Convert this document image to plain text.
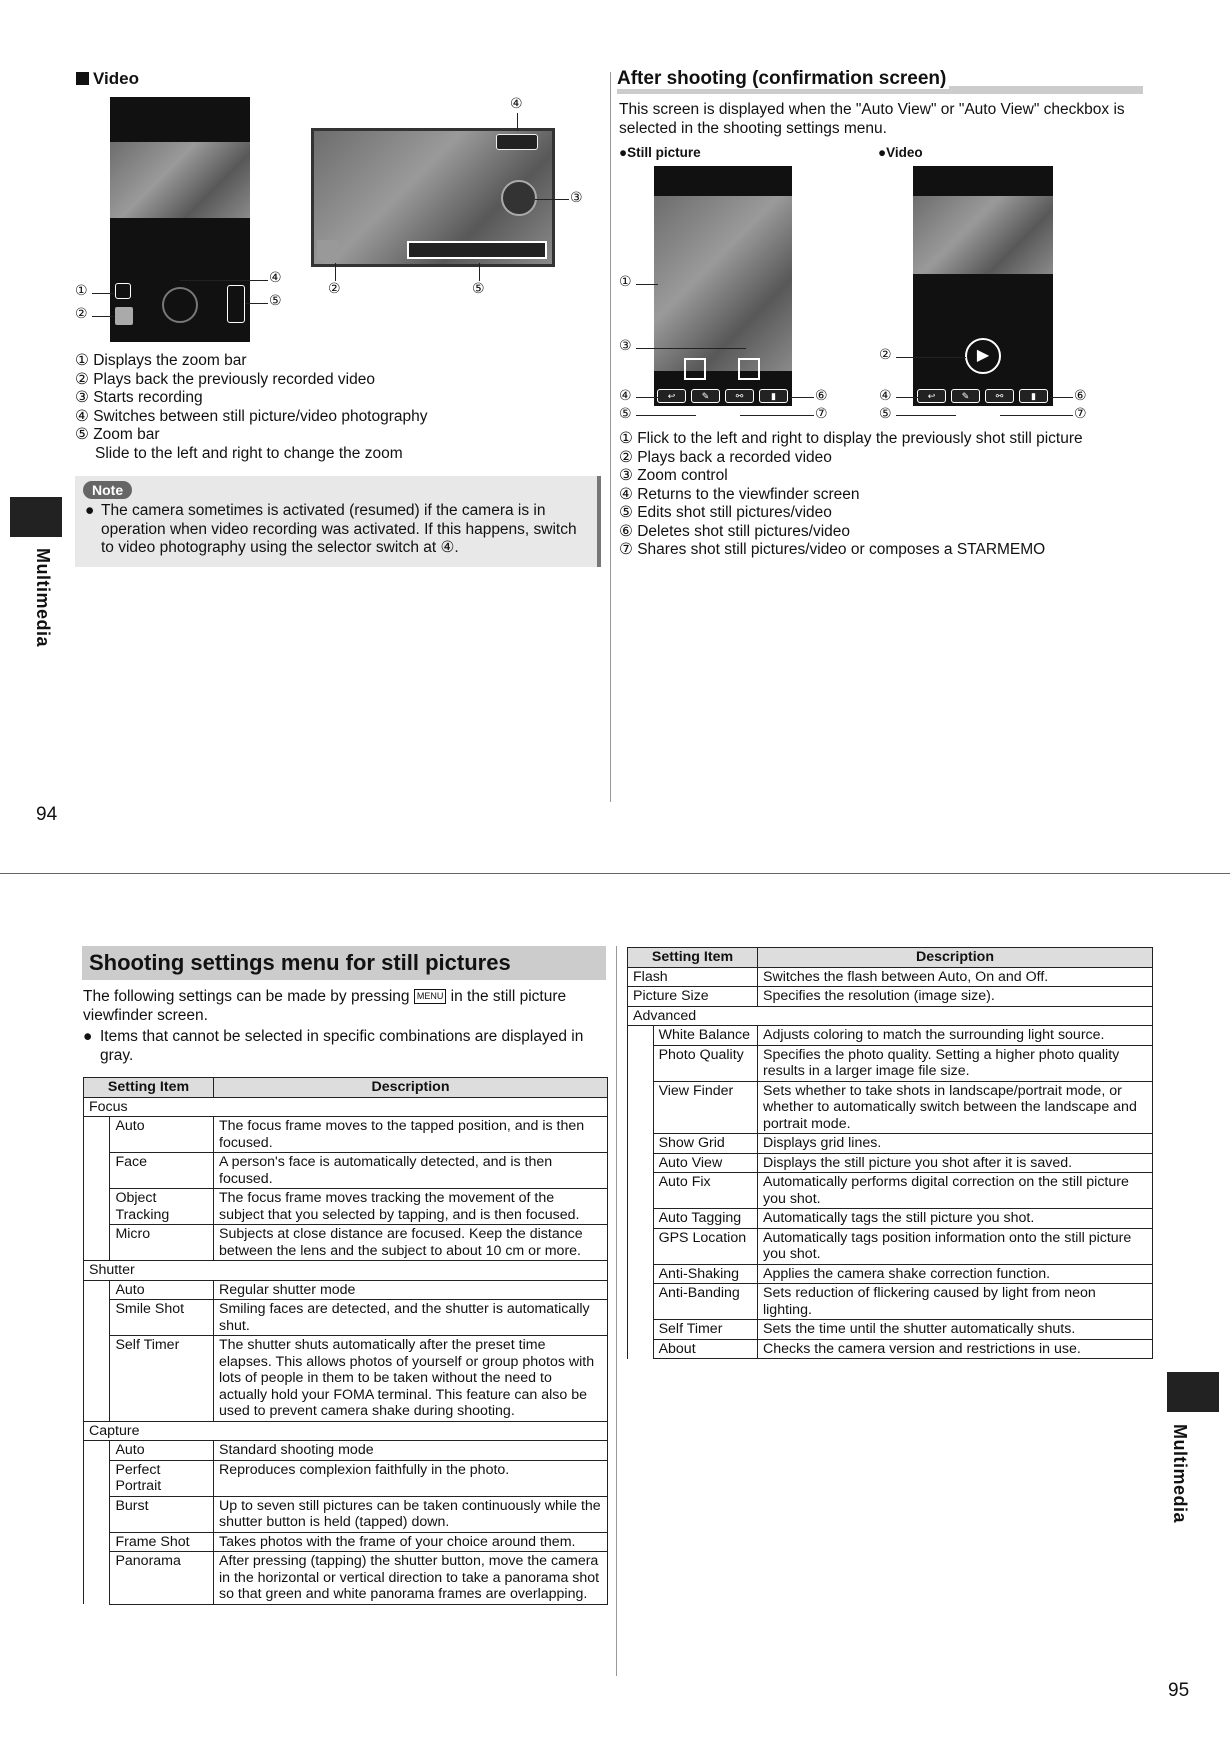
Video
①
②
④
⑤
④
③
②	⑤
① Displays the zoom bar
② Plays back the previously recorded video
③ Starts recording
④ Switches between still picture/video photography
⑤ Zoom bar
Slide to the left and right to change the zoom
Note
● The camera sometimes is activated (resumed) if the camera is in operation when video recording was activated. If this happens, switch to video photography using the selector switch at ④.
After shooting (confirmation screen)
This screen is displayed when the "Auto View" or "Auto View" checkbox is selected in the shooting settings menu.
●Still picture	●Video
↩	✎	⚯	▮
①
③
④
⑤
⑥
⑦
▶
↩	✎	⚯	▮
②
④
⑤
⑥
⑦
① Flick to the left and right to display the previously shot still picture
② Plays back a recorded video
③ Zoom control
④ Returns to the viewfinder screen
⑤ Edits shot still pictures/video
⑥ Deletes shot still pictures/video
⑦ Shares shot still pictures/video or composes a STARMEMO
Multimedia
94
Shooting settings menu for still pictures
The following settings can be made by pressing MENU in the still picture viewfinder screen.
● Items that cannot be selected in specific combinations are displayed in gray.
Setting Item		Description
Focus		
	Auto	The focus frame moves to the tapped position, and is then focused.
	Face	A person's face is automatically detected, and is then focused.
	Object Tracking	The focus frame moves tracking the movement of the subject that you selected by tapping, and is then focused.
	Micro	Subjects at close distance are focused. Keep the distance between the lens and the subject to about 10 cm or more.
Shutter		
	Auto	Regular shutter mode
	Smile Shot	Smiling faces are detected, and the shutter is automatically shut.
	Self Timer	The shutter shuts automatically after the preset time elapses. This allows photos of yourself or group photos with lots of people in them to be taken without the need to actually hold your FOMA terminal. This feature can also be used to prevent camera shake during shooting.
Capture		
	Auto	Standard shooting mode
	Perfect Portrait	Reproduces complexion faithfully in the photo.
	Burst	Up to seven still pictures can be taken continuously while the shutter button is held (tapped) down.
	Frame Shot	Takes photos with the frame of your choice around them.
	Panorama	After pressing (tapping) the shutter button, move the camera in the horizontal or vertical direction to take a panorama shot so that green and white panorama frames are overlapping.
Setting Item		Description
Flash		Switches the flash between Auto, On and Off.
Picture Size		Specifies the resolution (image size).
Advanced		
	White Balance	Adjusts coloring to match the surrounding light source.
	Photo Quality	Specifies the photo quality. Setting a higher photo quality results in a larger image file size.
	View Finder	Sets whether to take shots in landscape/portrait mode, or whether to automatically switch between the landscape and portrait mode.
	Show Grid	Displays grid lines.
	Auto View	Displays the still picture you shot after it is saved.
	Auto Fix	Automatically performs digital correction on the still picture you shot.
	Auto Tagging	Automatically tags the still picture you shot.
	GPS Location	Automatically tags position information onto the still picture you shot.
	Anti-Shaking	Applies the camera shake correction function.
	Anti-Banding	Sets reduction of flickering caused by light from neon lighting.
	Self Timer	Sets the time until the shutter automatically shuts.
	About	Checks the camera version and restrictions in use.
Multimedia
95
